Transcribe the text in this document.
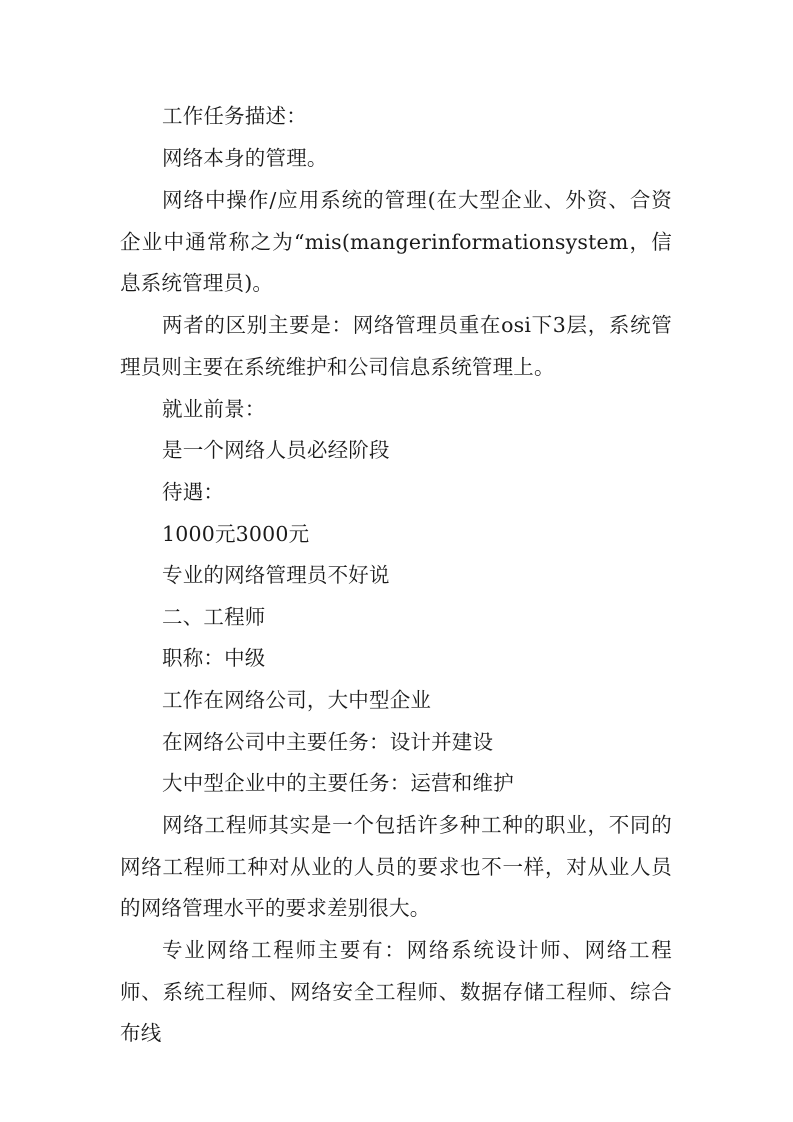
工作任务描述：

网络本身的管理。

网络中操作/应用系统的管理(在大型企业、外资、合资企业中通常称之为“mis(mangerinformationsystem，信息系统管理员)。

两者的区别主要是：网络管理员重在osi下3层，系统管理员则主要在系统维护和公司信息系统管理上。

就业前景：

是一个网络人员必经阶段

待遇：

1000元3000元

专业的网络管理员不好说

二、工程师

职称：中级

工作在网络公司，大中型企业

在网络公司中主要任务：设计并建设

大中型企业中的主要任务：运营和维护

网络工程师其实是一个包括许多种工种的职业，不同的网络工程师工种对从业的人员的要求也不一样，对从业人员的网络管理水平的要求差别很大。

专业网络工程师主要有：网络系统设计师、网络工程师、系统工程师、网络安全工程师、数据存储工程师、综合布线
